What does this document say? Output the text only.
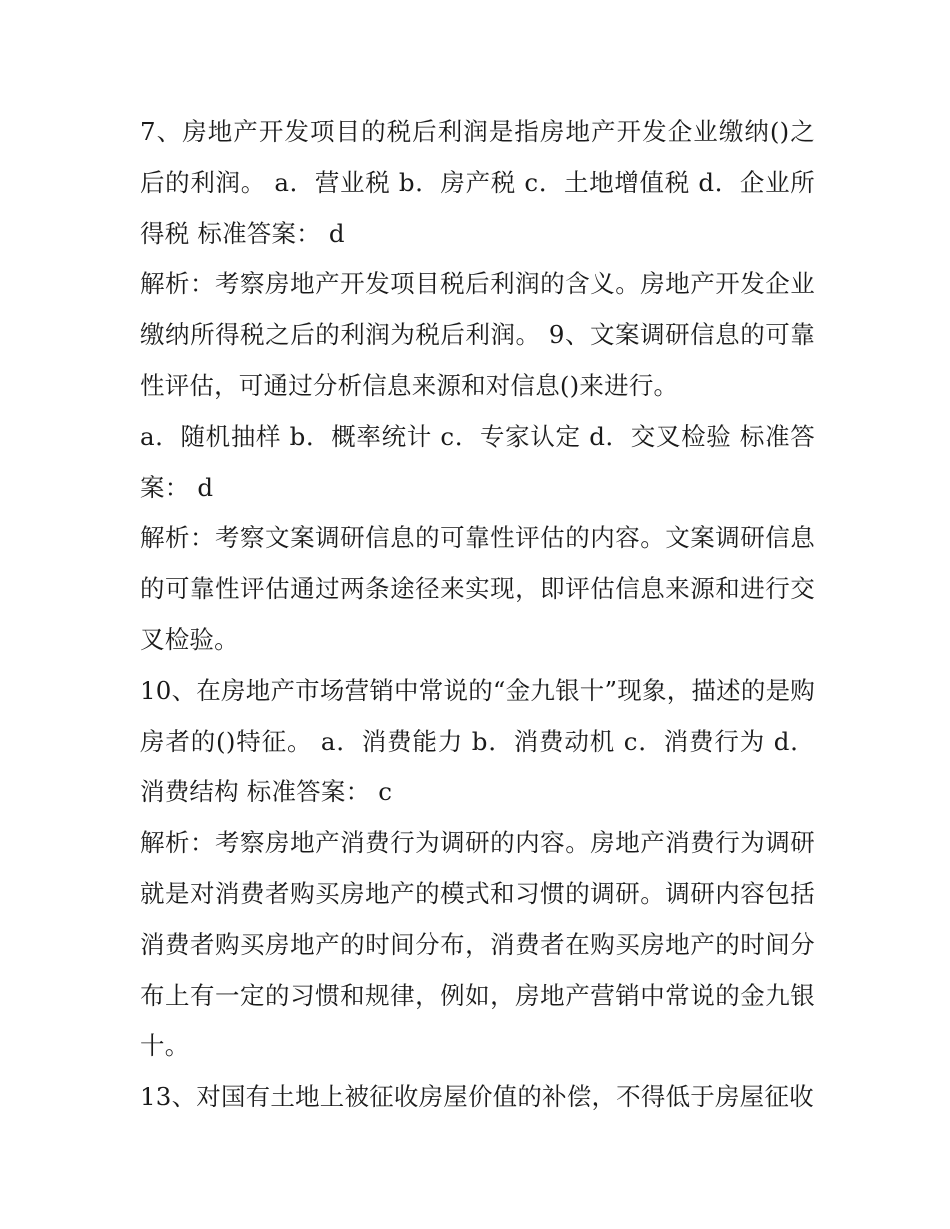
7、房地产开发项目的税后利润是指房地产开发企业缴纳()之后的利润。 a．营业税 b．房产税 c．土地增值税 d．企业所得税 标准答案： d

解析：考察房地产开发项目税后利润的含义。房地产开发企业缴纳所得税之后的利润为税后利润。 9、文案调研信息的可靠性评估，可通过分析信息来源和对信息()来进行。

a．随机抽样 b．概率统计 c．专家认定 d．交叉检验 标准答案： d

解析：考察文案调研信息的可靠性评估的内容。文案调研信息的可靠性评估通过两条途径来实现，即评估信息来源和进行交叉检验。

10、在房地产市场营销中常说的“金九银十”现象，描述的是购房者的()特征。 a．消费能力 b．消费动机 c．消费行为 d．消费结构 标准答案： c

解析：考察房地产消费行为调研的内容。房地产消费行为调研就是对消费者购买房地产的模式和习惯的调研。调研内容包括消费者购买房地产的时间分布，消费者在购买房地产的时间分布上有一定的习惯和规律，例如，房地产营销中常说的金九银十。

13、对国有土地上被征收房屋价值的补偿，不得低于房屋征收
